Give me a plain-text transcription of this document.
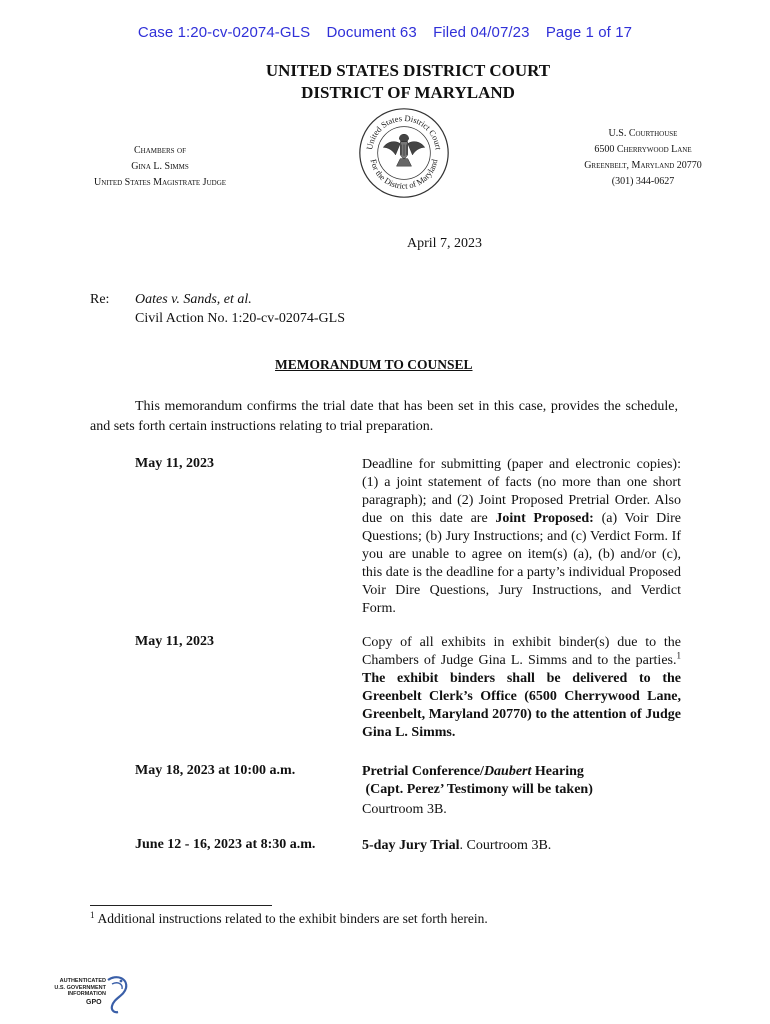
Case 1:20-cv-02074-GLS Document 63 Filed 04/07/23 Page 1 of 17
UNITED STATES DISTRICT COURT
DISTRICT OF MARYLAND
Chambers of
Gina L. Simms
United States Magistrate Judge
United States District Court
For the District of Maryland
U.S. Courthouse
6500 Cherrywood Lane
Greenbelt, Maryland 20770
(301) 344-0627
April 7, 2023
Re: Oates v. Sands, et al.
Civil Action No. 1:20-cv-02074-GLS
MEMORANDUM TO COUNSEL
This memorandum confirms the trial date that has been set in this case, provides the schedule, and sets forth certain instructions relating to trial preparation.
May 11, 2023	Deadline for submitting (paper and electronic copies): (1) a joint statement of facts (no more than one short paragraph); and (2) Joint Proposed Pretrial Order. Also due on this date are Joint Proposed: (a) Voir Dire Questions; (b) Jury Instructions; and (c) Verdict Form. If you are unable to agree on item(s) (a), (b) and/or (c), this date is the deadline for a party’s individual Proposed Voir Dire Questions, Jury Instructions, and Verdict Form.
May 11, 2023	Copy of all exhibits in exhibit binder(s) due to the Chambers of Judge Gina L. Simms and to the parties.$^1$ The exhibit binders shall be delivered to the Greenbelt Clerk’s Office (6500 Cherrywood Lane, Greenbelt, Maryland 20770) to the attention of Judge Gina L. Simms.
May 18, 2023 at 10:00 a.m.	Pretrial Conference/Daubert Hearing
(Capt. Perez’ Testimony will be taken)
Courtroom 3B.
June 12 - 16, 2023 at 8:30 a.m.	5-day Jury Trial. Courtroom 3B.
$^1$ Additional instructions related to the exhibit binders are set forth herein.
AUTHENTICATED
U.S. GOVERNMENT
INFORMATION
GPO
